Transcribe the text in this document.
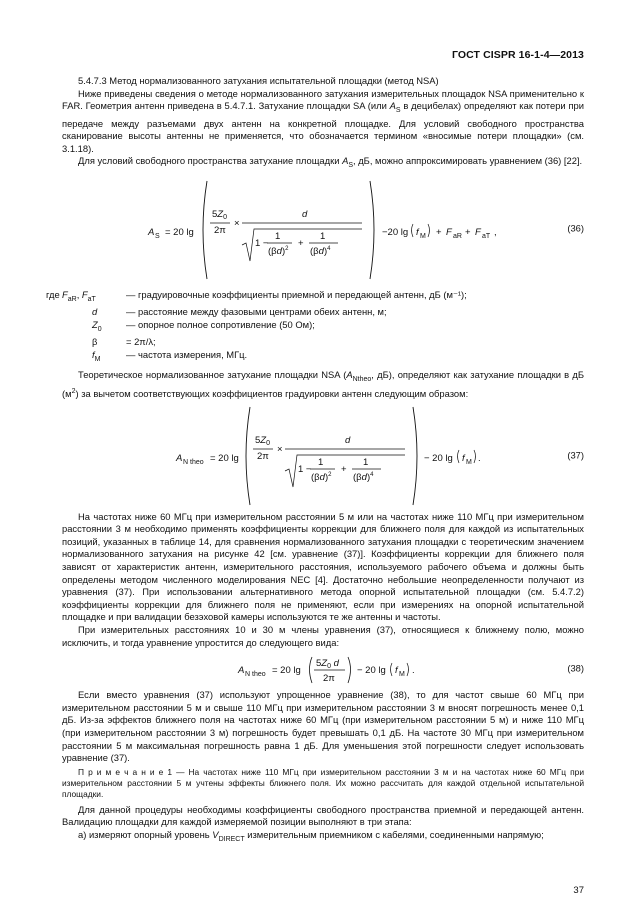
ГОСТ CISPR 16-1-4—2013

5.4.7.3 Метод нормализованного затухания испытательной площадки (метод NSA)

Ниже приведены сведения о методе нормализованного затухания измерительных площадок NSA применительно к FAR. Геометрия антенн приведена в 5.4.7.1. Затухание площадки SA (или $A_S$ в децибелах) определяют как потери при передаче между разъемами двух антенн на конкретной площадке. Для условий свободного пространства сканирование высоты антенны не применяется, что обозначается термином «вносимые потери площадки» (см. 3.1.18).

Для условий свободного пространства затухание площадки $A_S$, дБ, можно аппроксимировать уравнением (36) [22].

A S = 20 lg
$5Z_0$
2π
×
d
1 −
1
$(\beta d)^2$ +
1
$(\beta d)^4$
−20 lg f M + F aR + F aT ,	(36)
где $F_{aR}$, $F_{aT}$	— градуировочные коэффициенты приемной и передающей антенн, дБ (м⁻¹);
d	— расстояние между фазовыми центрами обеих антенн, м;
$Z_0$	— опорное полное сопротивление (50 Ом);
β	= 2π/λ;
$f_M$	— частота измерения, МГц.

Теоретическое нормализованное затухание площадки NSA ($A_{Ntheo}$, дБ), определяют как затухание площадки в дБ $(м^2)$ за вычетом соответствующих коэффициентов градуировки антенн следующим образом:

A N theo = 20 lg
$5Z_0$
2π
×
d
1 −
1
$(\beta d)^2$ +
1
$(\beta d)^4$
− 20 lg f M .	(37)

На частотах ниже 60 МГц при измерительном расстоянии 5 м или на частотах ниже 110 МГц при измерительном расстоянии 3 м необходимо применять коэффициенты коррекции для ближнего поля для каждой из испытательных позиций, указанных в таблице 14, для сравнения нормализованного затухания площадки с теоретическим значением нормализованного затухания на рисунке 42 [см. уравнение (37)]. Коэффициенты коррекции для ближнего поля зависят от характеристик антенн, измерительного расстояния, используемого рабочего объема и должны быть определены методом численного моделирования NEC [4]. Достаточно небольшие неопределенности получают из уравнения (37). При использовании альтернативного метода опорной испытательной площадки (см. 5.4.7.2) коэффициенты коррекции для ближнего поля не применяют, если при измерениях на опорной испытательной площадке и при валидации безэховой камеры используются те же антенны и частоты.

При измерительных расстояниях 10 и 30 м члены уравнения (37), относящиеся к ближнему полю, можно исключить, и тогда уравнение упростится до следующего вида:

A N theo = 20 lg
$5Z_0$ d
2π
− 20 lg f M .	(38)

Если вместо уравнения (37) используют упрощенное уравнение (38), то для частот свыше 60 МГц при измерительном расстоянии 5 м и свыше 110 МГц при измерительном расстоянии 3 м вносят погрешность менее 0,1 дБ. Из-за эффектов ближнего поля на частотах ниже 60 МГц (при измерительном расстоянии 5 м) и ниже 110 МГц (при измерительном расстоянии 3 м) погрешность будет превышать 0,1 дБ. На частоте 30 МГц при измерительном расстоянии 5 м максимальная погрешность равна 1 дБ. Для уменьшения этой погрешности следует использовать уравнение (37).

П р и м е ч а н и е 1 — На частотах ниже 110 МГц при измерительном расстоянии 3 м и на частотах ниже 60 МГц при измерительном расстоянии 5 м учтены эффекты ближнего поля. Их можно рассчитать для каждой отдельной испытательной площадки.

Для данной процедуры необходимы коэффициенты свободного пространства приемной и передающей антенн. Валидацию площадки для каждой измеряемой позиции выполняют в три этапа:

а) измеряют опорный уровень $V_{DIRECT}$ измерительным приемником с кабелями, соединенными напрямую;

37
